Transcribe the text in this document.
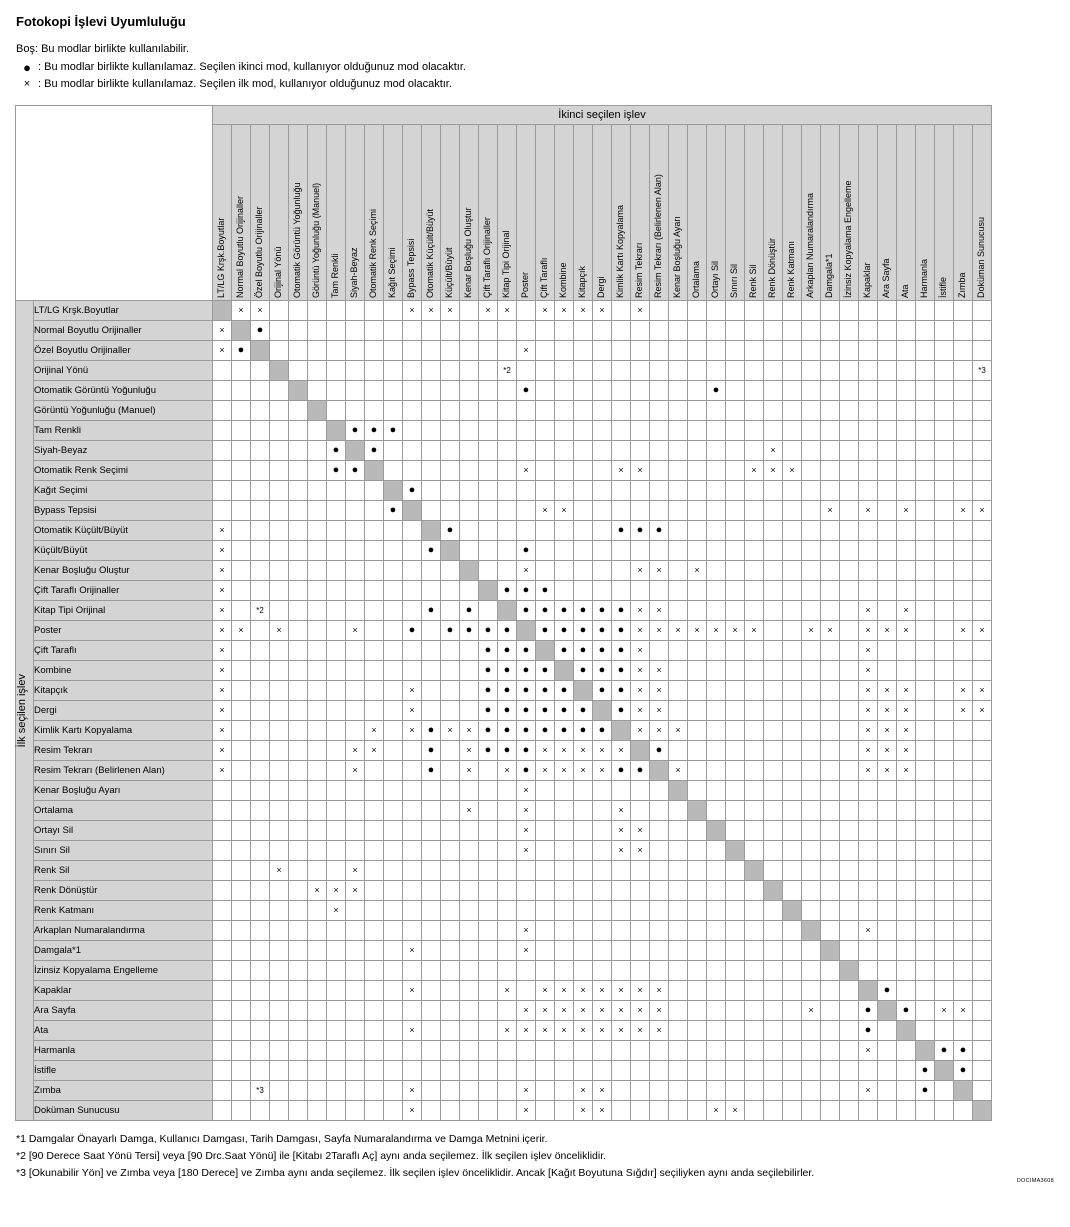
Fotokopi İşlevi Uyumluluğu
Boş: Bu modlar birlikte kullanılabilir.
● : Bu modlar birlikte kullanılamaz. Seçilen ikinci mod, kullanıyor olduğunuz mod olacaktır.
× : Bu modlar birlikte kullanılamaz. Seçilen ilk mod, kullanıyor olduğunuz mod olacaktır.
		İkinci seçilen işlev																																								

		LT/LG Krşk.Boyutlar	Normal Boyutlu Orijinaller	Özel Boyutlu Orijinaller	Orijinal Yönü	Otomatik Görüntü Yoğunluğu	Görüntü Yoğunluğu (Manuel)	Tam Renkli	Siyah-Beyaz	Otomatik Renk Seçimi	Kağıt Seçimi	Bypass Tepsisi	Otomatik Küçült/Büyüt	Küçült/Büyüt	Kenar Boşluğu Oluştur	Çift Taraflı Orijinaller	Kitap Tipi Orijinal	Poster	Çift Taraflı	Kombine	Kitapçık	Dergi	Kimlik Kartı Kopyalama	Resim Tekrarı	Resim Tekrarı (Belirlenen Alan)	Kenar Boşluğu Ayarı	Ortalama	Ortayı Sil	Sınırı Sil	Renk Sil	Renk Dönüştür	Renk Katmanı	Arkaplan Numaralandırma	Damgala*1	İzinsiz Kopyalama Engelleme	Kapaklar	Ara Sayfa	Ata	Harmanla	İstifle	Zımba	Doküman Sunucusu

İlk seçilen işlev	LT/LG Krşk.Boyutlar		×	×								×	×	×		×	×		×	×	×	×		×																		
	Normal Boyutlu Orijinaller	×		●																																						
	Özel Boyutlu Orijinaller	×	●															×																								
	Orijinal Yönü																*2																									*3
	Otomatik Görüntü Yoğunluğu																	●										●														
	Görüntü Yoğunluğu (Manuel)																																									
	Tam Renkli								●	●	●																															
	Siyah-Beyaz							●		●																					×											
	Otomatik Renk Seçimi							●	●									×					×	×						×	×	×										
	Kağıt Seçimi											●																														
	Bypass Tepsisi										●								×	×														×		×		×			×	×
	Otomatik Küçült/Büyüt	×												●									●	●	●																	
	Küçült/Büyüt	×											●					●																								
	Kenar Boşluğu Oluştur	×																×						×	×		×															
	Çift Taraflı Orijinaller	×															●	●	●																							
	Kitap Tipi Orijinal	×		*2									●		●			●	●	●	●	●	●	×	×											×		×				
	Poster	×	×		×				×			●		●	●	●	●		●	●	●	●	●	×	×	×	×	×	×	×			×	×		×	×	×			×	×
	Çift Taraflı	×														●	●	●		●	●	●	●	×												×						
	Kombine	×														●	●	●	●		●	●	●	×	×											×						
	Kitapçık	×										×				●	●	●	●	●		●	●	×	×											×	×	×			×	×
	Dergi	×										×				●	●	●	●	●	●		●	×	×											×	×	×			×	×
	Kimlik Kartı Kopyalama	×								×		×	●	×	×	●	●	●	●	●	●	●		×	×	×										×	×	×				
	Resim Tekrarı	×							×	×			●		×	●	●	●	×	×	×	×	×		●											×	×	×				
	Resim Tekrarı (Belirlenen Alan)	×							×				●		×		×	●	×	×	×	×	●	●		×										×	×	×				
	Kenar Boşluğu Ayarı																	×																								
	Ortalama														×			×					×																			
	Ortayı Sil																	×					×	×																		
	Sınırı Sil																	×					×	×																		
	Renk Sil				×				×																																	
	Renk Dönüştür						×	×	×																																	
	Renk Katmanı							×																																		
	Arkaplan Numaralandırma																	×																		×						
	Damgala*1											×						×																								
	İzinsiz Kopyalama Engelleme																																									
	Kapaklar											×					×		×	×	×	×	×	×	×												●					
	Ara Sayfa																	×	×	×	×	×	×	×	×								×			●		●		×	×	
	Ata											×					×	×	×	×	×	×	×	×	×											●						
	Harmanla																																			×				●	●	
	İstifle																																						●		●	
	Zımba			*3								×						×			×	×														×			●			
	Doküman Sunucusu											×						×			×	×						×	×													
*1 Damgalar Önayarlı Damga, Kullanıcı Damgası, Tarih Damgası, Sayfa Numaralandırma ve Damga Metnini içerir.
*2 [90 Derece Saat Yönü Tersi] veya [90 Drc.Saat Yönü] ile [Kitabı 2Taraflı Aç] aynı anda seçilemez. İlk seçilen işlev önceliklidir.
*3 [Okunabilir Yön] ve Zımba veya [180 Derece] ve Zımba aynı anda seçilemez. İlk seçilen işlev önceliklidir. Ancak [Kağıt Boyutuna Sığdır] seçiliyken aynı anda seçilebilirler.
DOCIMA3608
